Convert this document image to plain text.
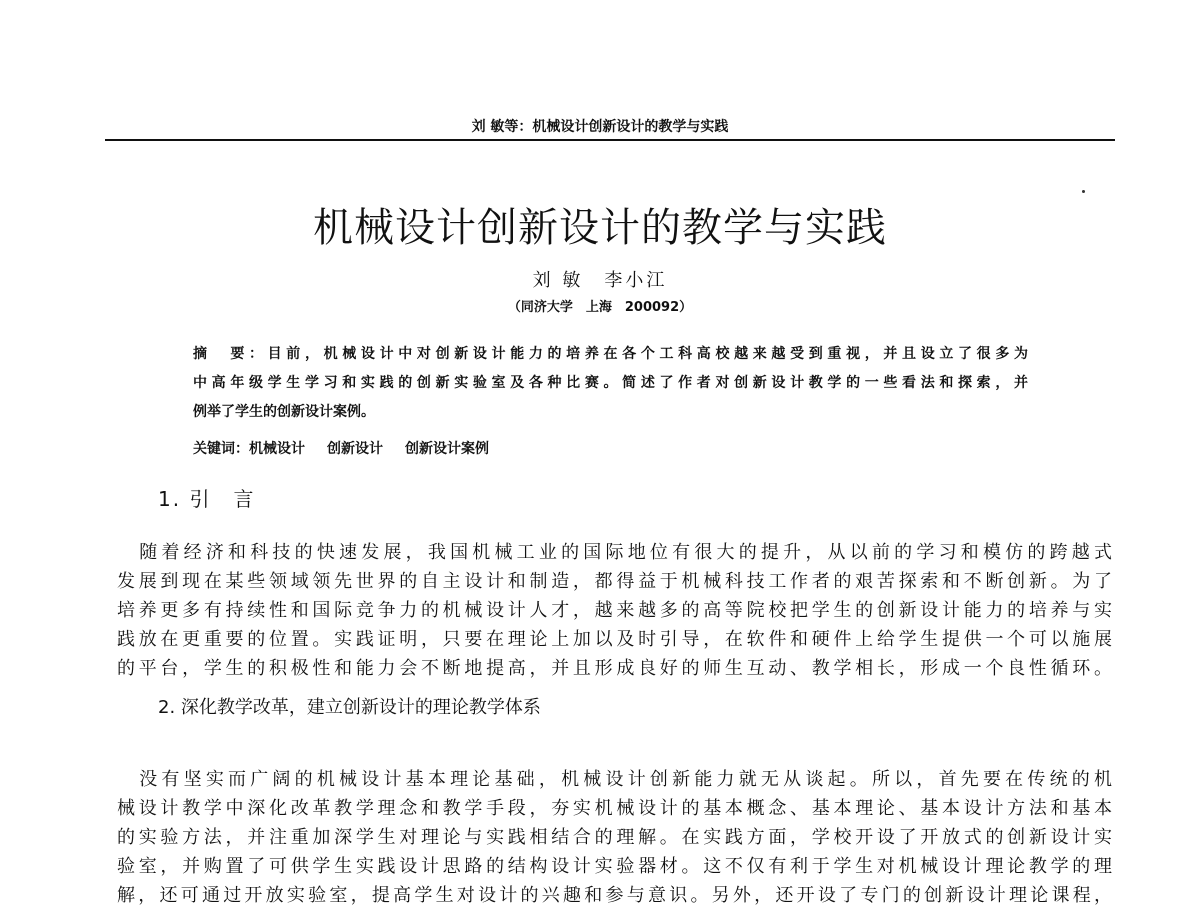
刘 敏等：机械设计创新设计的教学与实践
机械设计创新设计的教学与实践
刘 敏　李小江
（同济大学　上海　200092）
摘　要：目前，机械设计中对创新设计能力的培养在各个工科高校越来越受到重视，并且设立了很多为
中高年级学生学习和实践的创新实验室及各种比赛。简述了作者对创新设计教学的一些看法和探索，并
例举了学生的创新设计案例。
关键词：机械设计 创新设计 创新设计案例
1. 引　言
　随着经济和科技的快速发展，我国机械工业的国际地位有很大的提升，从以前的学习和模仿的跨越式
发展到现在某些领域领先世界的自主设计和制造，都得益于机械科技工作者的艰苦探索和不断创新。为了
培养更多有持续性和国际竞争力的机械设计人才，越来越多的高等院校把学生的创新设计能力的培养与实
践放在更重要的位置。实践证明，只要在理论上加以及时引导，在软件和硬件上给学生提供一个可以施展
的平台，学生的积极性和能力会不断地提高，并且形成良好的师生互动、教学相长，形成一个良性循环。
2. 深化教学改革，建立创新设计的理论教学体系
　没有坚实而广阔的机械设计基本理论基础，机械设计创新能力就无从谈起。所以，首先要在传统的机
械设计教学中深化改革教学理念和教学手段，夯实机械设计的基本概念、基本理论、基本设计方法和基本
的实验方法，并注重加深学生对理论与实践相结合的理解。在实践方面，学校开设了开放式的创新设计实
验室，并购置了可供学生实践设计思路的结构设计实验器材。这不仅有利于学生对机械设计理论教学的理
解，还可通过开放实验室，提高学生对设计的兴趣和参与意识。另外，还开设了专门的创新设计理论课程，
